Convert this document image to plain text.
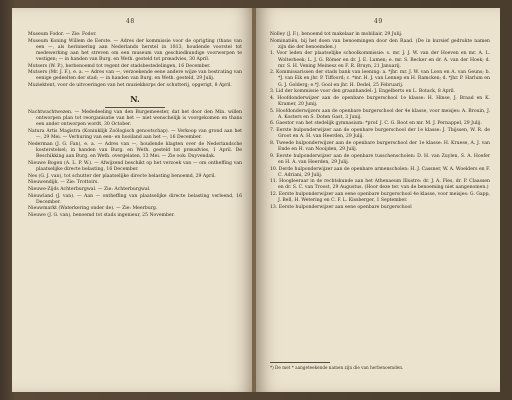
48

Museum Fodor. — Zie: Fodor.

Museum Koning Willem de Eerste. — Adres der kommissie voor de oprigting (thans van een —, als herinnering aan Nederlands herstel in 1813, houdende voorstel tot medewerking aan het streven om een museum van geschiedkundige voorwerpen te vestigen; — in handen van Burg. en Weth. gesteld tot prœadvies, 30 April.

Mutsers (W. P.), herbenoemd tot regent der stadsbestedelingen, 16 December.

Mutsers (Mr. J. F.), e. a. — Adres van —, verzoekende eene andere wijze van bestrating van eenige gedeelten der stad; — in handen van Burg. en Weth. gesteld, 29 Julij.

Muziektent, voor de uitvoeringen van het muziekkorps der schutterij, opgerigt, 8 April.

N.

Nachtwachtwezen. — Mededeeling van den Burgemeester, dat het door den Min. willen ontworpen plan tot reorganisatie van het — niet wenschelijk is voorgekomen en thans een ander ontworpen wordt, 30 October.

Natura Artis Magistra (Koninklijk Zoölogisch genootschap). — Verkoop van grond aan het —, 29 Mei. — Verhuring van een- en hooiland aan het —, 16 December.

Nederman (J. G. Fan), e. a. — Adres van —, houdende klagten over de Nederlandsche kosterstelsel; in handen van Burg. en Weth. gesteld tot prœadvies, 1 April. De Beschikking aan Burg. en Weth. overgelaten, 13 Mei. — Zie ook: Duyvendak.

Nieuwe Bogen (A. L. P. W.). — Afwijzend beschikt op het verzoek van — om ontheffing van plaatselijke directe belasting, 16 December.

Nes (G. J. van), tot schutter der plaatselijke directe belasting benoemd, 29 April.

Nieuwendijk. — Zie: Trottoirs.

Nieuwe-Zijds Achterburgwal. — Zie: Achterburgwal.

Nieuwland (J. van). — Aan — ontheffing van plaatselijke directe belasting verleend, 16 December.

Nieuwmarkt (Waterkering onder de). — Zie: Meerburg.

Nieuwe (J. G. van), benoemd tot stads ingenieur, 25 November.

49

Nolley (J. F.), benoemd tot makelaar in mobiliair, 29 Julij.

Nominatiën, bij het doen van benoemingen door den Raad. (De in kursief gedrukte namen zijn die der benoemden.)

1. Voor leden der plaatselijke schoolkommissie: s. mr. J. J. W. van der Hoeven en mr. A. L. Wolterbeek; L. J. G. Römer en dr. J. E. Lumen; e. mr. S. Becker en dr. A. van der Hoek; d. mr. S. H. Vening Meinesz en F. R. Bruyn, 21 Januarij.

2. Kommissarissen der stads bank van leening: a. *jhr. mr. J. W. van Loon en A. van Geuns; b. *J. van Eik en jhr. P. Tiffoord; c. *mr. H. J. van Lennep en H. Ramcken; d. *jhr. P. Harlum en G. J. Golderg; e.*J. Gool en jhr. H. Dedel, 25 Februarij.

3. Lid der kommissie voor den graanhandel: J. Engelberts en L. Botack, 8 April.

4. Hoofdonderwijzer aan de openbare burgerschool 1e klasse: H. Hinse, J. Braad en K. Kramer, 20 Junij.

5. Hoofdonderwijzers aan de openbare burgerschool der 4e klasse, voor meisjes: A. Brouin, J. A. Kosters en S. Doten Gast, 3 Junij.

6. Gaestor van het stedelijk gymnasium: *prof. J. C. G. Boot en mr. M. J. Pernappel, 29 Julij.

7. Eerste hulponderwijzer aan de openbare burgerschool der 1e klasse: J. Thijssen, W. R. de Groot en A. H. van Heerden, 29 Julij.

8. Tweede hulponderwijzer aan de openbare burgerschool der 1e klasse: H. Kruese, A. J. van Ende en H. van Nooijden, 29 Julij.

9. Eerste hulponderwijzer aan de openbare tusschenscholen: D. H. van Zuylen, S. A. Hoefer en H. A. van Heerden, 29 Julij.

10. Derde hulponderwijzer aan de openbare armenscholen: H. J. Cassner, W. A. Woelders en F. C. Adriani, 29 Julij.

11. Hoogleeraar in de rechtskunde aan het Athenaeum Illustre: dr. J. A. Fles, dr. P. Claassen en dr. S. C. van Troost, 29 Augustus. (Hoor deze ter. van de benoeming niet aangenomen.)

12. Eerste hulponderwijzer aan eene openbare burgerschool 4e klasse, voor meisjes: G. Gapp, J. Bell, H. Wetering en C. F. L. Kissberger, 1 September.

13. Eerste hulponderwijzer aan eene openbare burgerschool

*) De met * aangeteekende namen zijn die van herbenoemden.
